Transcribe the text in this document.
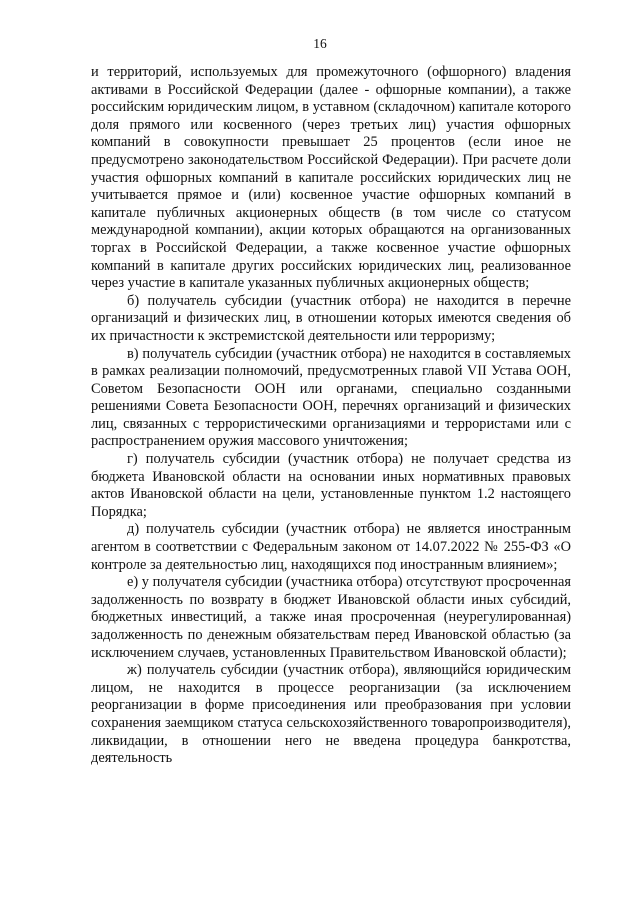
16

и территорий, используемых для промежуточного (офшорного) владения активами в Российской Федерации (далее - офшорные компании), а также российским юридическим лицом, в уставном (складочном) капитале которого доля прямого или косвенного (через третьих лиц) участия офшорных компаний в совокупности превышает 25 процентов (если иное не предусмотрено законодательством Российской Федерации). При расчете доли участия офшорных компаний в капитале российских юридических лиц не учитывается прямое и (или) косвенное участие офшорных компаний в капитале публичных акционерных обществ (в том числе со статусом международной компании), акции которых обращаются на организованных торгах в Российской Федерации, а также косвенное участие офшорных компаний в капитале других российских юридических лиц, реализованное через участие в капитале указанных публичных акционерных обществ;

б) получатель субсидии (участник отбора) не находится в перечне организаций и физических лиц, в отношении которых имеются сведения об их причастности к экстремистской деятельности или терроризму;

в) получатель субсидии (участник отбора) не находится в составляемых в рамках реализации полномочий, предусмотренных главой VII Устава ООН, Советом Безопасности ООН или органами, специально созданными решениями Совета Безопасности ООН, перечнях организаций и физических лиц, связанных с террористическими организациями и террористами или с распространением оружия массового уничтожения;

г) получатель субсидии (участник отбора) не получает средства из бюджета Ивановской области на основании иных нормативных правовых актов Ивановской области на цели, установленные пунктом 1.2 настоящего Порядка;

д) получатель субсидии (участник отбора) не является иностранным агентом в соответствии с Федеральным законом от 14.07.2022 № 255-ФЗ «О контроле за деятельностью лиц, находящихся под иностранным влиянием»;

е) у получателя субсидии (участника отбора) отсутствуют просроченная задолженность по возврату в бюджет Ивановской области иных субсидий, бюджетных инвестиций, а также иная просроченная (неурегулированная) задолженность по денежным обязательствам перед Ивановской областью (за исключением случаев, установленных Правительством Ивановской области);

ж) получатель субсидии (участник отбора), являющийся юридическим лицом, не находится в процессе реорганизации (за исключением реорганизации в форме присоединения или преобразования при условии сохранения заемщиком статуса сельскохозяйственного товаропроизводителя), ликвидации, в отношении него не введена процедура банкротства, деятельность
